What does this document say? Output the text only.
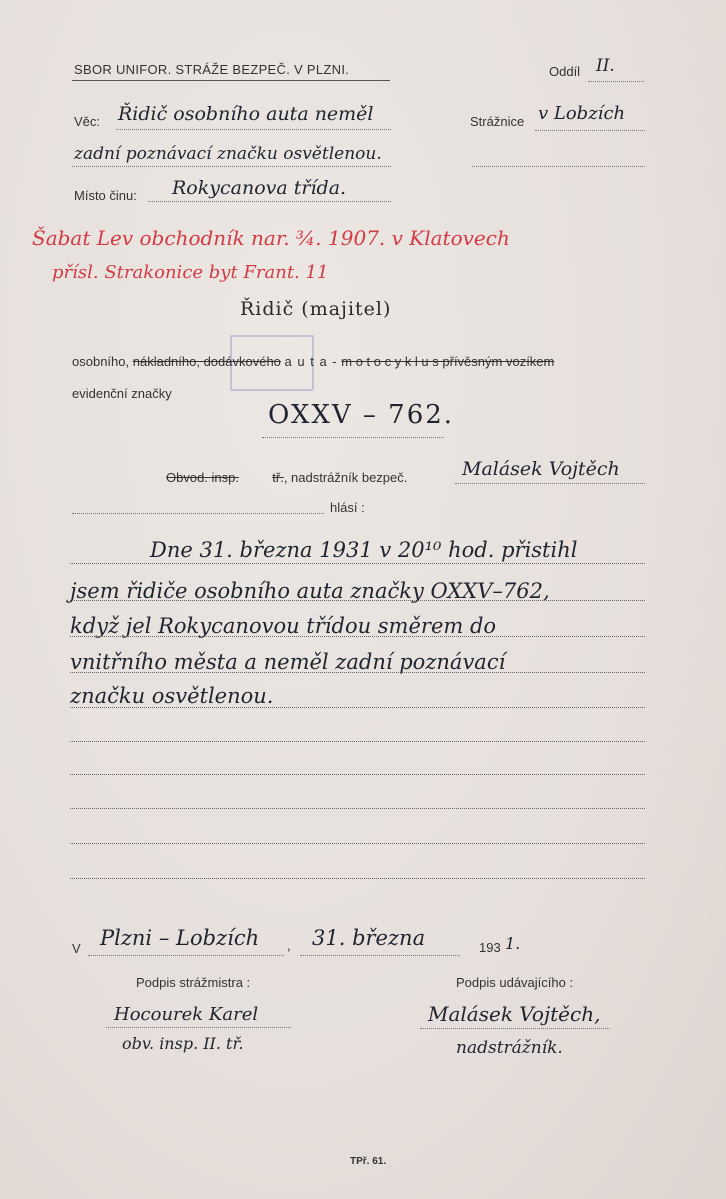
SBOR UNIFOR. STRÁŽE BEZPEČ. V PLZNI.	Oddíl II.
Věc: Řidič osobního auta neměl
zadní poznávací značku osvětlenou.
Strážnice v Lobzích
Místo činu: Rokycanova třída.
Šabat Lev obchodník nar. ¾. 1907. v Klatovech
přísl. Strakonice byt Frant. 11
Řidič (majitel)
osobního, nákladního, dodávkového a u t a - m o t o c y k l u s přívěsným vozíkem
evidenční značky
OXXV – 762.
Obvod. insp.	tř., nadstrážník bezpeč.	Malásek Vojtěch
hlásí :
Dne 31. března 1931 v 20¹⁰ hod. přistihl
jsem řidiče osobního auta značky OXXV–762,
když jel Rokycanovou třídou směrem do
vnitřního města a neměl zadní poznávací
značku osvětlenou.
V Plzni – Lobzích , 31. března	193 1.
Podpis strážmistra :
Hocourek Karel
obv. insp. II. tř.
Podpis udávajícího :
Malásek Vojtěch,
nadstrážník.
TPř. 61.
